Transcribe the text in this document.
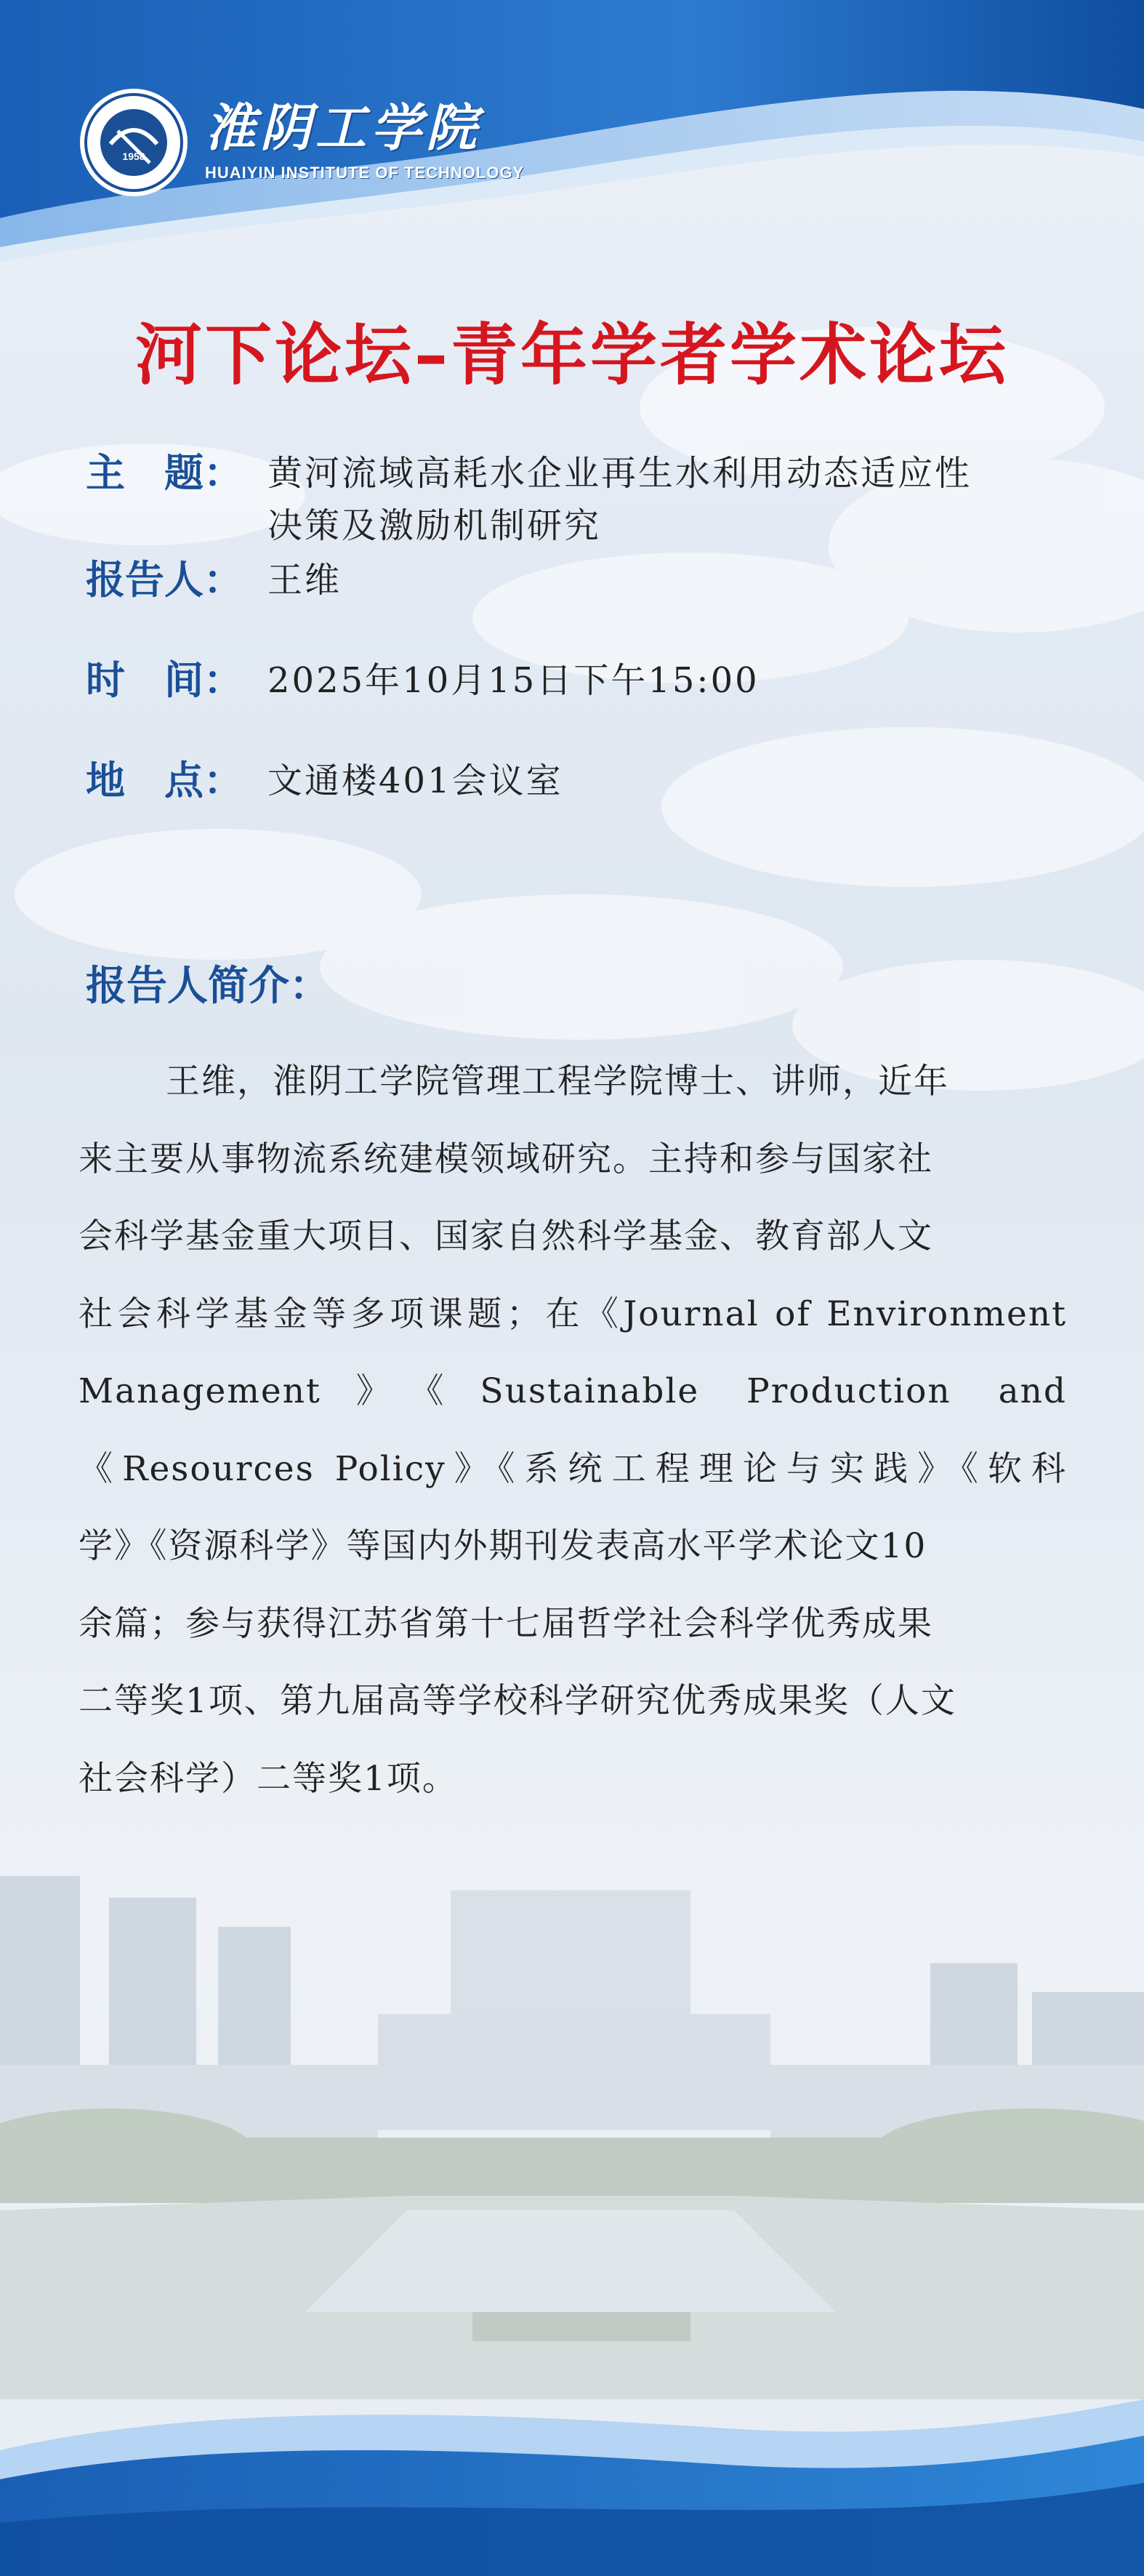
1958 淮阴工学院
HUAIYIN INSTITUTE OF TECHNOLOGY
河下论坛–青年学者学术论坛
主　题： 黄河流域高耗水企业再生水利用动态适应性
决策及激励机制研究
报告人： 王维
时　间： 2025年10月15日下午15:00
地　点： 文通楼401会议室
报告人简介：
王维，淮阴工学院管理工程学院博士、讲师，近年
来主要从事物流系统建模领域研究。主持和参与国家社
会科学基金重大项目、国家自然科学基金、教育部人文
社会科学基金等多项课题；在《Journal of Environment
Management》《Sustainable Production and
《Resources Policy》《系统工程理论与实践》《软科
学》《资源科学》等国内外期刊发表高水平学术论文10
余篇；参与获得江苏省第十七届哲学社会科学优秀成果
二等奖1项、第九届高等学校科学研究优秀成果奖（人文
社会科学）二等奖1项。
